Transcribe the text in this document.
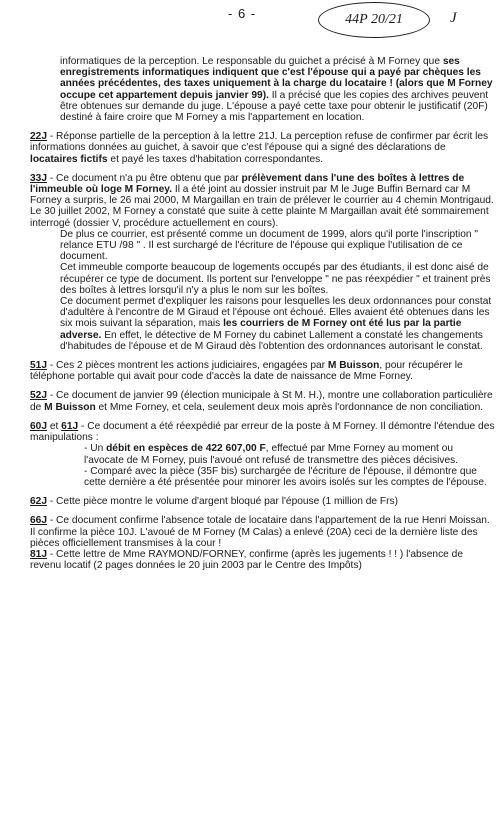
- 6 -	44P 20/21	J

informatiques de la perception. Le responsable du guichet a précisé à M Forney que ses enregistrements informatiques indiquent que c'est l'épouse qui a payé par chèques les années précédentes, des taxes uniquement à la charge du locataire ! (alors que M Forney occupe cet appartement depuis janvier 99). Il a précisé que les copies des archives peuvent être obtenues sur demande du juge. L'épouse a payé cette taxe pour obtenir le justificatif (20F) destiné à faire croire que M Forney a mis l'appartement en location.

22J - Réponse partielle de la perception à la lettre 21J. La perception refuse de confirmer par écrit les informations données au guichet, à savoir que c'est l'épouse qui a signé des déclarations de locataires fictifs et payé les taxes d'habitation correspondantes.

33J - Ce document n'a pu être obtenu que par prélèvement dans l'une des boîtes à lettres de l'immeuble où loge M Forney. Il a été joint au dossier instruit par M le Juge Buffin Bernard car M Forney a surpris, le 26 mai 2000, M Margaillan en train de prélever le courrier au 4 chemin Montrigaud. Le 30 juillet 2002, M Forney a constaté que suite à cette plainte M Margaillan avait été sommairement interrogé (dossier V, procédure actuellement en cours).

De plus ce courrier, est présenté comme un document de 1999, alors qu'il porte l'inscription " relance ETU /98 " . Il est surchargé de l'écriture de l'épouse qui explique l'utilisation de ce document.

Cet immeuble comporte beaucoup de logements occupés par des étudiants, il est donc aisé de récupérer ce type de document. Ils portent sur l'enveloppe " ne pas réexpédier " et trainent près des boîtes à lettres lorsqu'il n'y a plus le nom sur les boîtes.

Ce document permet d'expliquer les raisons pour lesquelles les deux ordonnances pour constat d'adultère à l'encontre de M Giraud et l'épouse ont échoué. Elles avaient été obtenues dans les six mois suivant la séparation, mais les courriers de M Forney ont été lus par la partie adverse. En effet, le détective de M Forney du cabinet Lallement a constaté les changements d'habitudes de l'épouse et de M Giraud dès l'obtention des ordonnances autorisant le constat.

51J - Ces 2 pièces montrent les actions judiciaires, engagées par M Buisson, pour récupérer le téléphone portable qui avait pour code d'accès la date de naissance de Mme Forney.

52J - Ce document de janvier 99 (élection municipale à St M. H.), montre une collaboration particulière de M Buisson et Mme Forney, et cela, seulement deux mois après l'ordonnance de non conciliation.

60J et 61J - Ce document a été réexpédié par erreur de la poste à M Forney. Il démontre l'étendue des manipulations :

- Un débit en espèces de 422 607,00 F, effectué par Mme Forney au moment ou l'avocate de M Forney, puis l'avoué ont refusé de transmettre des pièces décisives.

- Comparé avec la pièce (35F bis) surchargée de l'écriture de l'épouse, il démontre que cette dernière a été présentée pour minorer les avoirs isolés sur les comptes de l'épouse.

62J - Cette pièce montre le volume d'argent bloqué par l'épouse (1 million de Frs)

66J - Ce document confirme l'absence totale de locataire dans l'appartement de la rue Henri Moissan. Il confirme la pièce 10J. L'avoué de M Forney (M Calas) a enlevé (20A) ceci de la dernière liste des pièces officiellement transmises à la cour !

81J - Cette lettre de Mme RAYMOND/FORNEY, confirme (après les jugements ! ! ) l'absence de revenu locatif (2 pages données le 20 juin 2003 par le Centre des Impôts)
